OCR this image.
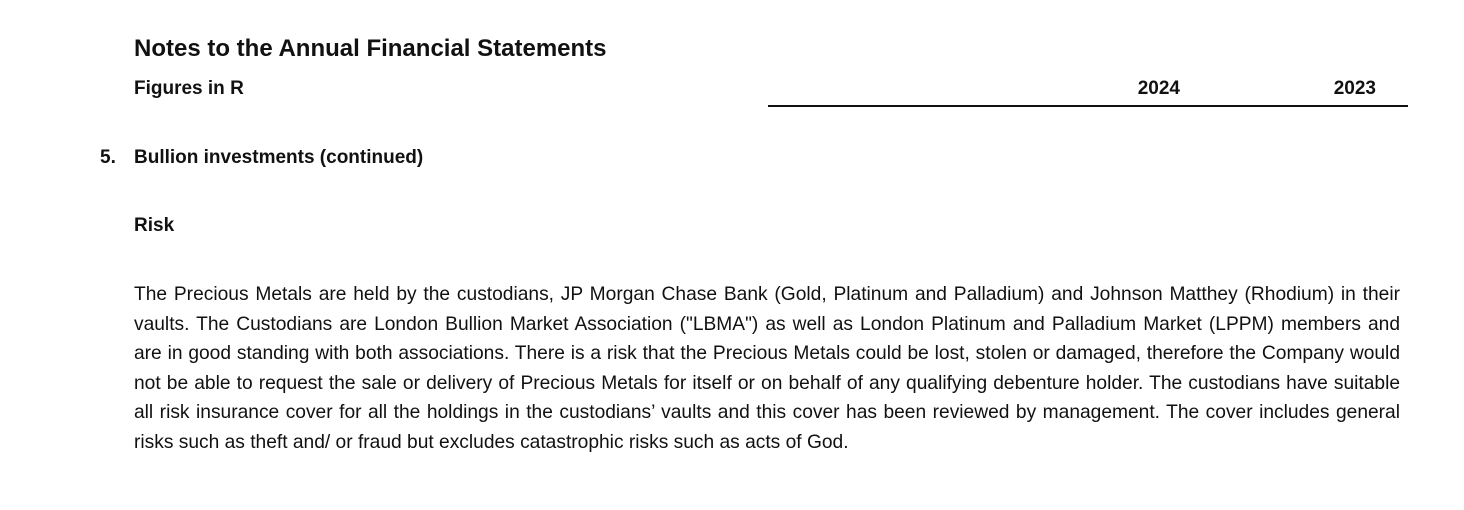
Notes to the Annual Financial Statements
Figures in R	2024	2023
5. Bullion investments (continued)
Risk

The Precious Metals are held by the custodians, JP Morgan Chase Bank (Gold, Platinum and Palladium) and Johnson Matthey (Rhodium) in their vaults. The Custodians are London Bullion Market Association ("LBMA") as well as London Platinum and Palladium Market (LPPM) members and are in good standing with both associations. There is a risk that the Precious Metals could be lost, stolen or damaged, therefore the Company would not be able to request the sale or delivery of Precious Metals for itself or on behalf of any qualifying debenture holder. The custodians have suitable all risk insurance cover for all the holdings in the custodians’ vaults and this cover has been reviewed by management. The cover includes general risks such as theft and/ or fraud but excludes catastrophic risks such as acts of God.
